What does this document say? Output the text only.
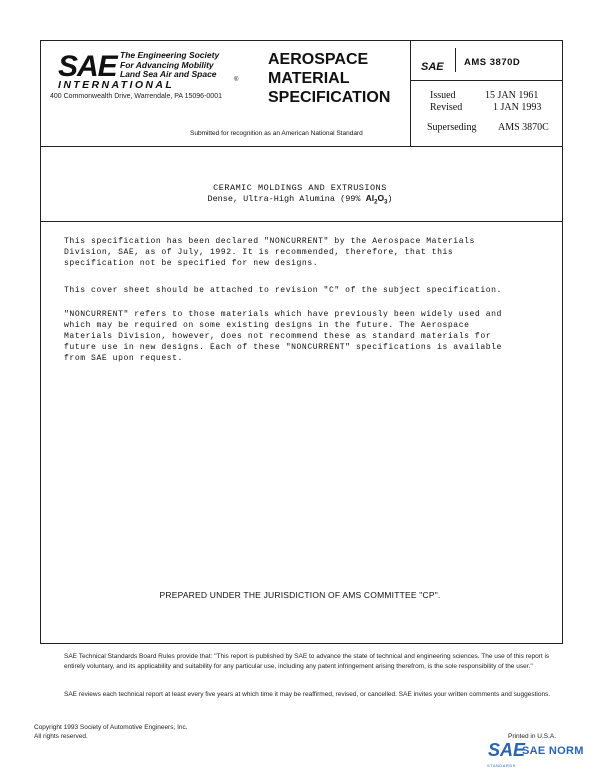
SAE The Engineering Society
For Advancing Mobility
Land Sea Air and Space
INTERNATIONAL	®
400 Commonwealth Drive, Warrendale, PA 15096-0001
AEROSPACE
MATERIAL
SPECIFICATION
Submitted for recognition as an American National Standard
SAE AMS 3870D
Issued	15 JAN 1961
Revised	1 JAN 1993
Superseding AMS 3870C
CERAMIC MOLDINGS AND EXTRUSIONS
Dense, Ultra-High Alumina (99% $Al_2O_3$)
This specification has been declared "NONCURRENT" by the Aerospace Materials
Division, SAE, as of July, 1992. It is recommended, therefore, that this
specification not be specified for new designs.
This cover sheet should be attached to revision "C" of the subject specification.
"NONCURRENT" refers to those materials which have previously been widely used and
which may be required on some existing designs in the future. The Aerospace
Materials Division, however, does not recommend these as standard materials for
future use in new designs. Each of these "NONCURRENT" specifications is available
from SAE upon request.
PREPARED UNDER THE JURISDICTION OF AMS COMMITTEE "CP".
SAE Technical Standards Board Rules provide that: "This report is published by SAE to advance the state of technical and engineering sciences. The use of this report is entirely voluntary, and its applicability and suitability for any particular use, including any patent infringement arising therefrom, is the sole responsibility of the user."
SAE reviews each technical report at least every five years at which time it may be reaffirmed, revised, or cancelled. SAE invites your written comments and suggestions.
Copyright 1993 Society of Automotive Engineers, Inc.
All rights reserved.	Printed in U.S.A.
SAE
SAE NORM
STANDARDS
